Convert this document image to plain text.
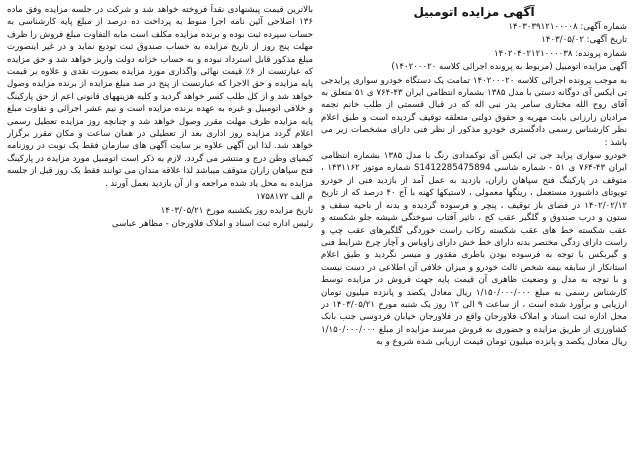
آگهی مزایده اتومبیل

شماره آگهی: ۱۴۰۳۰۳۹۱۲۱۰۰۰۰۸

تاریخ آگهی: ۱۴۰۳/۰۵/۰۲

شماره پرونده: ۱۴۰۲۰۴۰۲۱۲۱۰۰۰۰۳۸

آگهی مزایده اتومبیل (مربوط به پرونده اجرائی کلاسه ۱۴۰۲۰۰۰۲۰)

به موجب پرونده اجرائی کلاسه ۱۴۰۲۰۰۰۲۰ تمامت یک دستگاه خودرو سواری پرایدجی تی ایکس آی دوگانه دستی با مدل ۱۳۸۵ بشماره انتظامی ایران ۴۳-۷۶۴ ی ۵۱ متعلق به آقای روح الله مختاری سامر پدر نبی اله که در قبال قسمتی از طلب خانم نجمه مرادیان زارزانی بابت مهریه و حقوق دولتی متعلقه توقیف گردیده است و طبق اعلام نظر کارشناس رسمی دادگستری خودرو مذکور از نظر فنی دارای مشخصات زیر می باشد :

خودرو سواری پراید جی تی ایکس آی توکمدادی رنگ با مدل ۱۳۸۵ بشماره انتظامی ایران ۴۳-۷۶۴ ی ۵۱ - شماره شاسی S1412285475894 شماره موتور ۱۴۳۱۱۶۲ ، متوقف در پارکینگ فتح سپاهان زاران، بازدید به عمل آمد از بازدید فنی از خودرو تویوتای داشبورد مستعمل ، رینگها معمولی ، لاستیکها کهنه با آج ۴۰ درصد که از تاریخ ۱۴۰۲/۰۲/۱۲ در فضای باز توقیف ، پنچر و فرسوده گردیده و بدنه از ناحیه سقف و ستون و درب صندوق و گلگیر عقب کج ، تاثیر آفتاب سوختگی شیشه جلو شکسته و عقب شکسته خط های عقب شکسته رکاب راست خوردگی گلگیرهای عقب چپ و راست دارای زدگی مختصر بدنه دارای خط خش دارای زاویاس و آچار چرخ شرایط فنی و گیربکس با توجه به فرسوده بودن باطری مقدور و میسر نگردید و طبق اعلام استانکار از سابقه بیمه شخص ثالث خودرو و میزان خلافی آن اطلاعی در دست نیست و با توجه به مدل و وضعیت ظاهری آن قیمت پایه جهت فروش در مزایده توسط کارشناس رسمی به مبلغ ۱/۱۵۰/۰۰۰/۰۰۰ ریال معادل یکصد و پانزده میلیون تومان ارزیابی و برآورد شده است ، از ساعت ۹ الی ۱۲ روز یک شنبه مورخ ۱۴۰۳/۰۵/۲۱ در محل اداره ثبت اسناد و املاک فلاورجان واقع در فلاورجان خیابان فردوسی جنب بانک کشاورزی از طریق مزایده و حضوری به فروش میرسد مزایده از مبلغ ۱/۱۵۰/۰۰۰/۰۰۰ ریال معادل یکصد و پانزده میلیون تومان قیمت ارزیابی شده شروع و به

بالاترین قیمت پیشنهادی نقداً فروخته خواهد شد و شرکت در جلسه مزایده وفق ماده ۱۳۶ اصلاحی آئین نامه اجرا منوط به پرداخت ده درصد از مبلغ پایه کارشناسی به حساب سپرده ثبت بوده و برنده مزایده مکلف است مابه التفاوت مبلغ فروش را ظرف مهلت پنج روز از تاریخ مزایده به حساب صندوق ثبت تودیع نماید و در غیر اینصورت مبلغ مذکور قابل استرداد نبوده و به حساب خزانه دولت واریز خواهد شد و حق مزایده که عبارتست از ۶٪ قیمت نهائی واگذاری مورد مزایده بصورت نقدی و علاوه بر قیمت پایه مزایده و حق الاجرا که عبارتست از پنج در صد مبلغ مزایده از برنده مزایده وصول خواهد شد و از کل طلب کسر خواهد گردید و کلیه هزینههای قانونی اعم از حق پارکینگ و خلافی اتومبیل و غیره به عهده برنده مزایده است و نیم عشر اجرائی و تفاوت مبلغ پایه مزایده ظرف مهلت مقرر وصول خواهد شد و چنانچه روز مزایده تعطیل رسمی اعلام گردد مزایده روز اداری بعد از تعطیلی در همان ساعت و مکان مقرر برگزار خواهد شد. لذا این آگهی علاوه بر سایت آگهی های سازمان فقط یک نوبت در روزنامه کیمیای وطن درج و منتشر می گردد. لازم به ذکر است اتومبیل مورد مزایده در پارکینگ فتح سپاهان زاران متوقف میباشد لذا علاقه مندان می توانند فقط یک روز قبل از جلسه مزایده به محل یاد شده مراجعه و از آن بازدید بعمل آورند .

م الف ۱۷۵۸۱۷۲

تاریخ مزایده روز یکشنبه مورخ ۱۴۰۳/۰۵/۲۱

رئیس اداره ثبت اسناد و املاک فلاورجان - مظاهر عباسی
